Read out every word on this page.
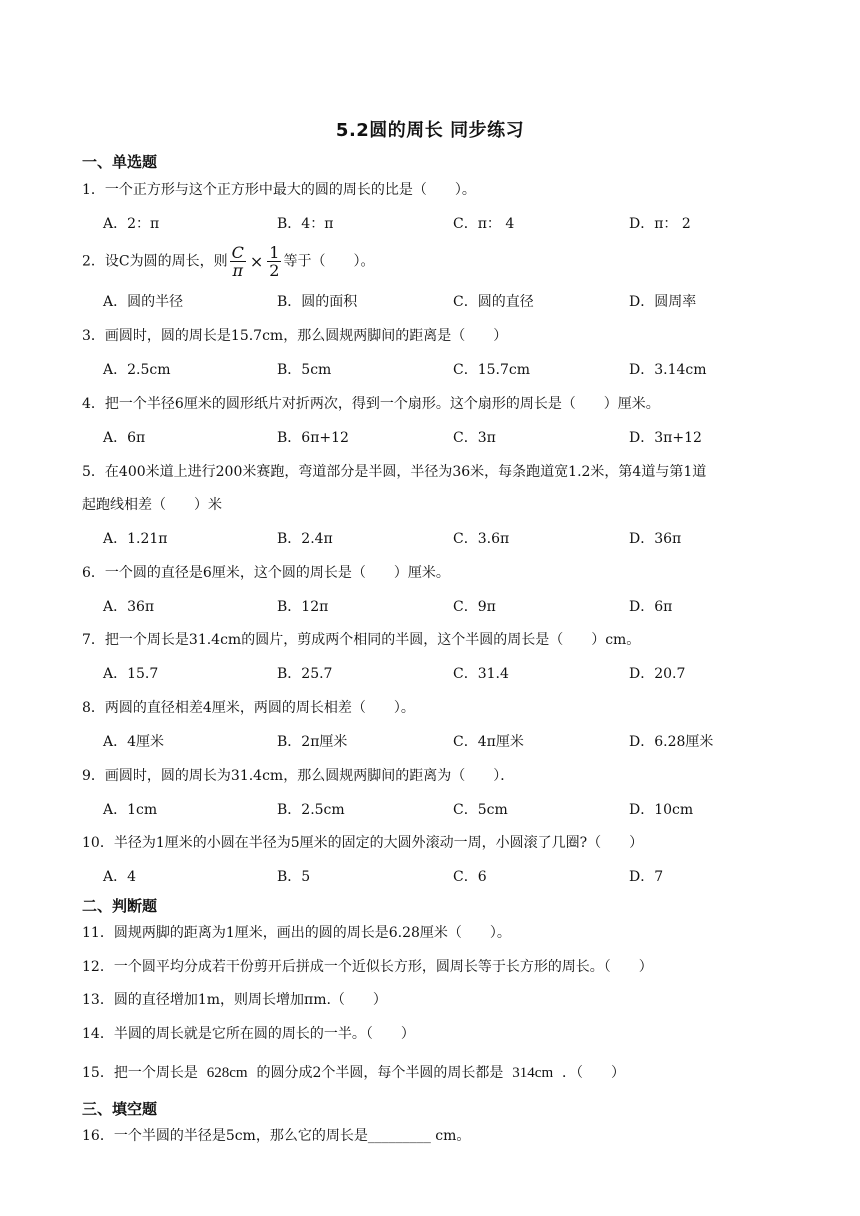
5.2圆的周长 同步练习
一、单选题
1．一个正方形与这个正方形中最大的圆的周长的比是（　　）。
A．2：π	B．4：π	C．π： 4	D．π： 2
2．设C为圆的周长，则 $\frac{C}{\pi} \times \frac{1}{2}$ 等于（　　）。
A．圆的半径	B．圆的面积	C．圆的直径	D．圆周率
3．画圆时，圆的周长是15.7cm，那么圆规两脚间的距离是（　　）
A．2.5cm	B．5cm	C．15.7cm	D．3.14cm
4．把一个半径6厘米的圆形纸片对折两次，得到一个扇形。这个扇形的周长是（　　）厘米。
A．6π	B．6π+12	C．3π	D．3π+12
5．在400米道上进行200米赛跑，弯道部分是半圆，半径为36米，每条跑道宽1.2米，第4道与第1道
起跑线相差（　　）米
A．1.21π	B．2.4π	C．3.6π	D．36π
6．一个圆的直径是6厘米，这个圆的周长是（　　）厘米。
A．36π	B．12π	C．9π	D．6π
7．把一个周长是31.4cm的圆片，剪成两个相同的半圆，这个半圆的周长是（　　）cm。
A．15.7	B．25.7	C．31.4	D．20.7
8．两圆的直径相差4厘米，两圆的周长相差（　　）。
A．4厘米	B．2π厘米	C．4π厘米	D．6.28厘米
9．画圆时，圆的周长为31.4cm，那么圆规两脚间的距离为（　　）．
A．1cm	B．2.5cm	C．5cm	D．10cm
10．半径为1厘米的小圆在半径为5厘米的固定的大圆外滚动一周，小圆滚了几圈?（　　）
A．4	B．5	C．6	D．7
二、判断题
11．圆规两脚的距离为1厘米，画出的圆的周长是6.28厘米（　　）。
12．一个圆平均分成若干份剪开后拼成一个近似长方形，圆周长等于长方形的周长。（　　）
13．圆的直径增加1m，则周长增加πm.（　　）
14．半圆的周长就是它所在圆的周长的一半。（　　）
15．把一个周长是 628cm 的圆分成2个半圆，每个半圆的周长都是 314cm ．（　　）
三、填空题
16．一个半圆的半径是5cm，那么它的周长是_________ cm。
